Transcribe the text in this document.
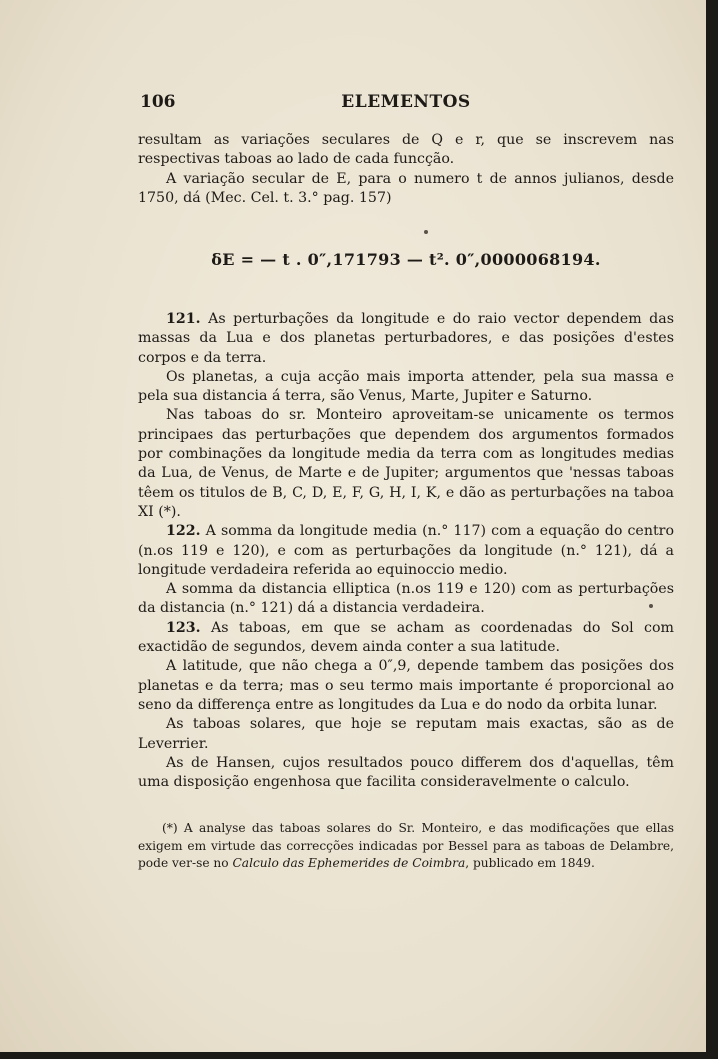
106	ELEMENTOS

resultam as variações seculares de Q e r, que se inscrevem nas respectivas taboas ao lado de cada funcção.

A variação secular de E, para o numero t de annos julianos, desde 1750, dá (Mec. Cel. t. 3.° pag. 157)

δE = — t . 0″,171793 — t². 0″,0000068194.

121. As perturbações da longitude e do raio vector dependem das massas da Lua e dos planetas perturbadores, e das posições d'estes corpos e da terra.

Os planetas, a cuja acção mais importa attender, pela sua massa e pela sua distancia á terra, são Venus, Marte, Jupiter e Saturno.

Nas taboas do sr. Monteiro aproveitam-se unicamente os termos principaes das perturbações que dependem dos argumentos formados por combinações da longitude media da terra com as longitudes medias da Lua, de Venus, de Marte e de Jupiter; argumentos que 'nessas taboas têem os titulos de B, C, D, E, F, G, H, I, K, e dão as perturbações na taboa XI (*).

122. A somma da longitude media (n.° 117) com a equação do centro (n.os 119 e 120), e com as perturbações da longitude (n.° 121), dá a longitude verdadeira referida ao equinoccio medio.

A somma da distancia elliptica (n.os 119 e 120) com as perturbações da distancia (n.° 121) dá a distancia verdadeira.

123. As taboas, em que se acham as coordenadas do Sol com exactidão de segundos, devem ainda conter a sua latitude.

A latitude, que não chega a 0″,9, depende tambem das posições dos planetas e da terra; mas o seu termo mais importante é proporcional ao seno da differença entre as longitudes da Lua e do nodo da orbita lunar.

As taboas solares, que hoje se reputam mais exactas, são as de Leverrier.

As de Hansen, cujos resultados pouco differem dos d'aquellas, têm uma disposição engenhosa que facilita consideravelmente o calculo.

(*) A analyse das taboas solares do Sr. Monteiro, e das modificações que ellas exigem em virtude das correcções indicadas por Bessel para as taboas de Delambre, pode ver-se no Calculo das Ephemerides de Coimbra, publicado em 1849.
